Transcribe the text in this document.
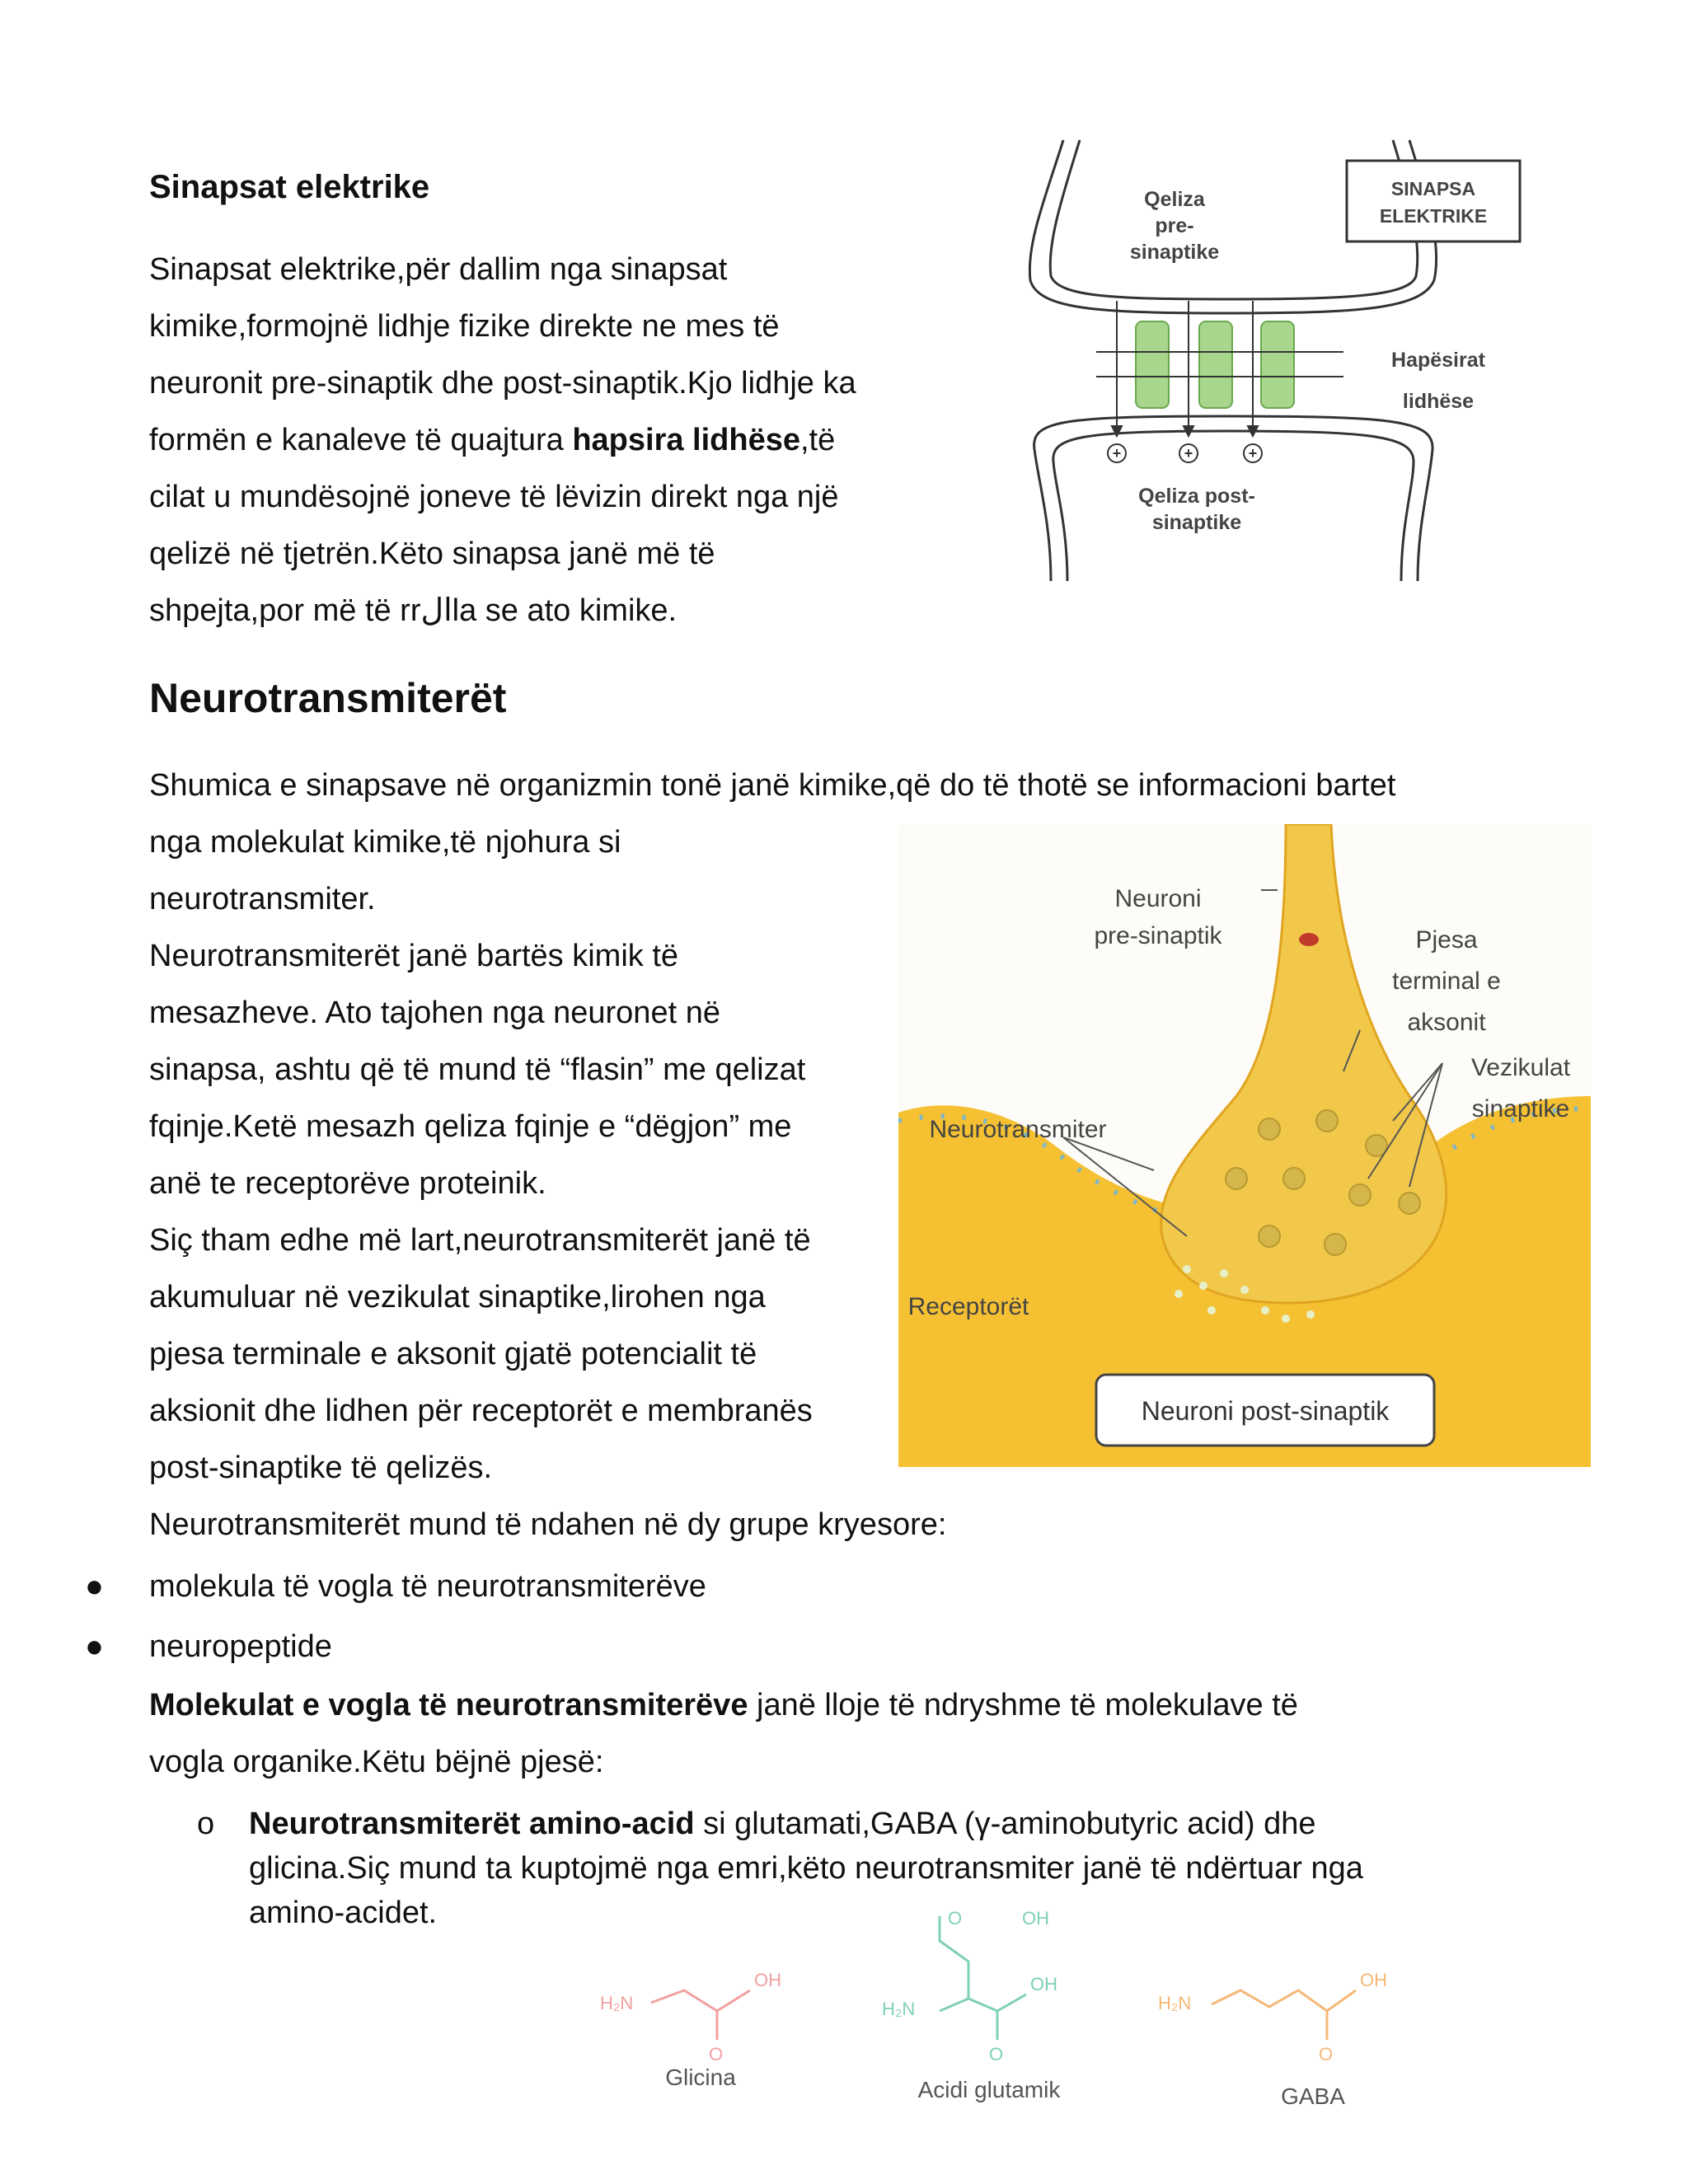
Sinapsat elektrike
Sinapsat elektrike,për dallim nga sinapsat
kimike,formojnë lidhje fizike direkte ne mes të
neuronit pre-sinaptik dhe post-sinaptik.Kjo lidhje ka
formën e kanaleve të quajtura hapsira lidhëse,të
cilat u mundësojnë joneve të lëvizin direkt nga një
qelizë në tjetrën.Këto sinapsa janë më të
shpejta,por më të rrالla se ato kimike.
+	+	+
Qeliza
pre-
sinaptike
Qeliza post-
sinaptike
Hapësirat
lidhëse
SINAPSA
ELEKTRIKE
Neurotransmiterët
Shumica e sinapsave në organizmin tonë janë kimike,që do të thotë se informacioni bartet
nga molekulat kimike,të njohura si
neurotransmiter.
Neurotransmiterët janë bartës kimik të
mesazheve. Ato tajohen nga neuronet në
sinapsa, ashtu që të mund të “flasin” me qelizat
fqinje.Ketë mesazh qeliza fqinje e “dëgjon” me
anë te receptorëve proteinik.
Siç tham edhe më lart,neurotransmiterët janë të
akumuluar në vezikulat sinaptike,lirohen nga
pjesa terminale e aksonit gjatë potencialit të
aksionit dhe lidhen për receptorët e membranës
post-sinaptike të qelizës.
Neurotransmiterët mund të ndahen në dy grupe kryesore:
● molekula të vogla të neurotransmiterëve
● neuropeptide
Molekulat e vogla të neurotransmiterëve janë lloje të ndryshme të molekulave të
vogla organike.Këtu bëjnë pjesë:
o Neurotransmiterët amino-acid si glutamati,GABA (γ-aminobutyric acid) dhe
glicina.Siç mund ta kuptojmë nga emri,këto neurotransmiter janë të ndërtuar nga
amino-acidet.
Neuroni
pre-sinaptik	Pjesa
terminal e
aksonit
Vezikulat
sinaptike
Neurotransmiter
Receptorët
Neuroni post-sinaptik
H₂N
OH
O
Glicina
H₂N
OH
O
O	OH
Acidi glutamik
H₂N
OH
O
GABA
